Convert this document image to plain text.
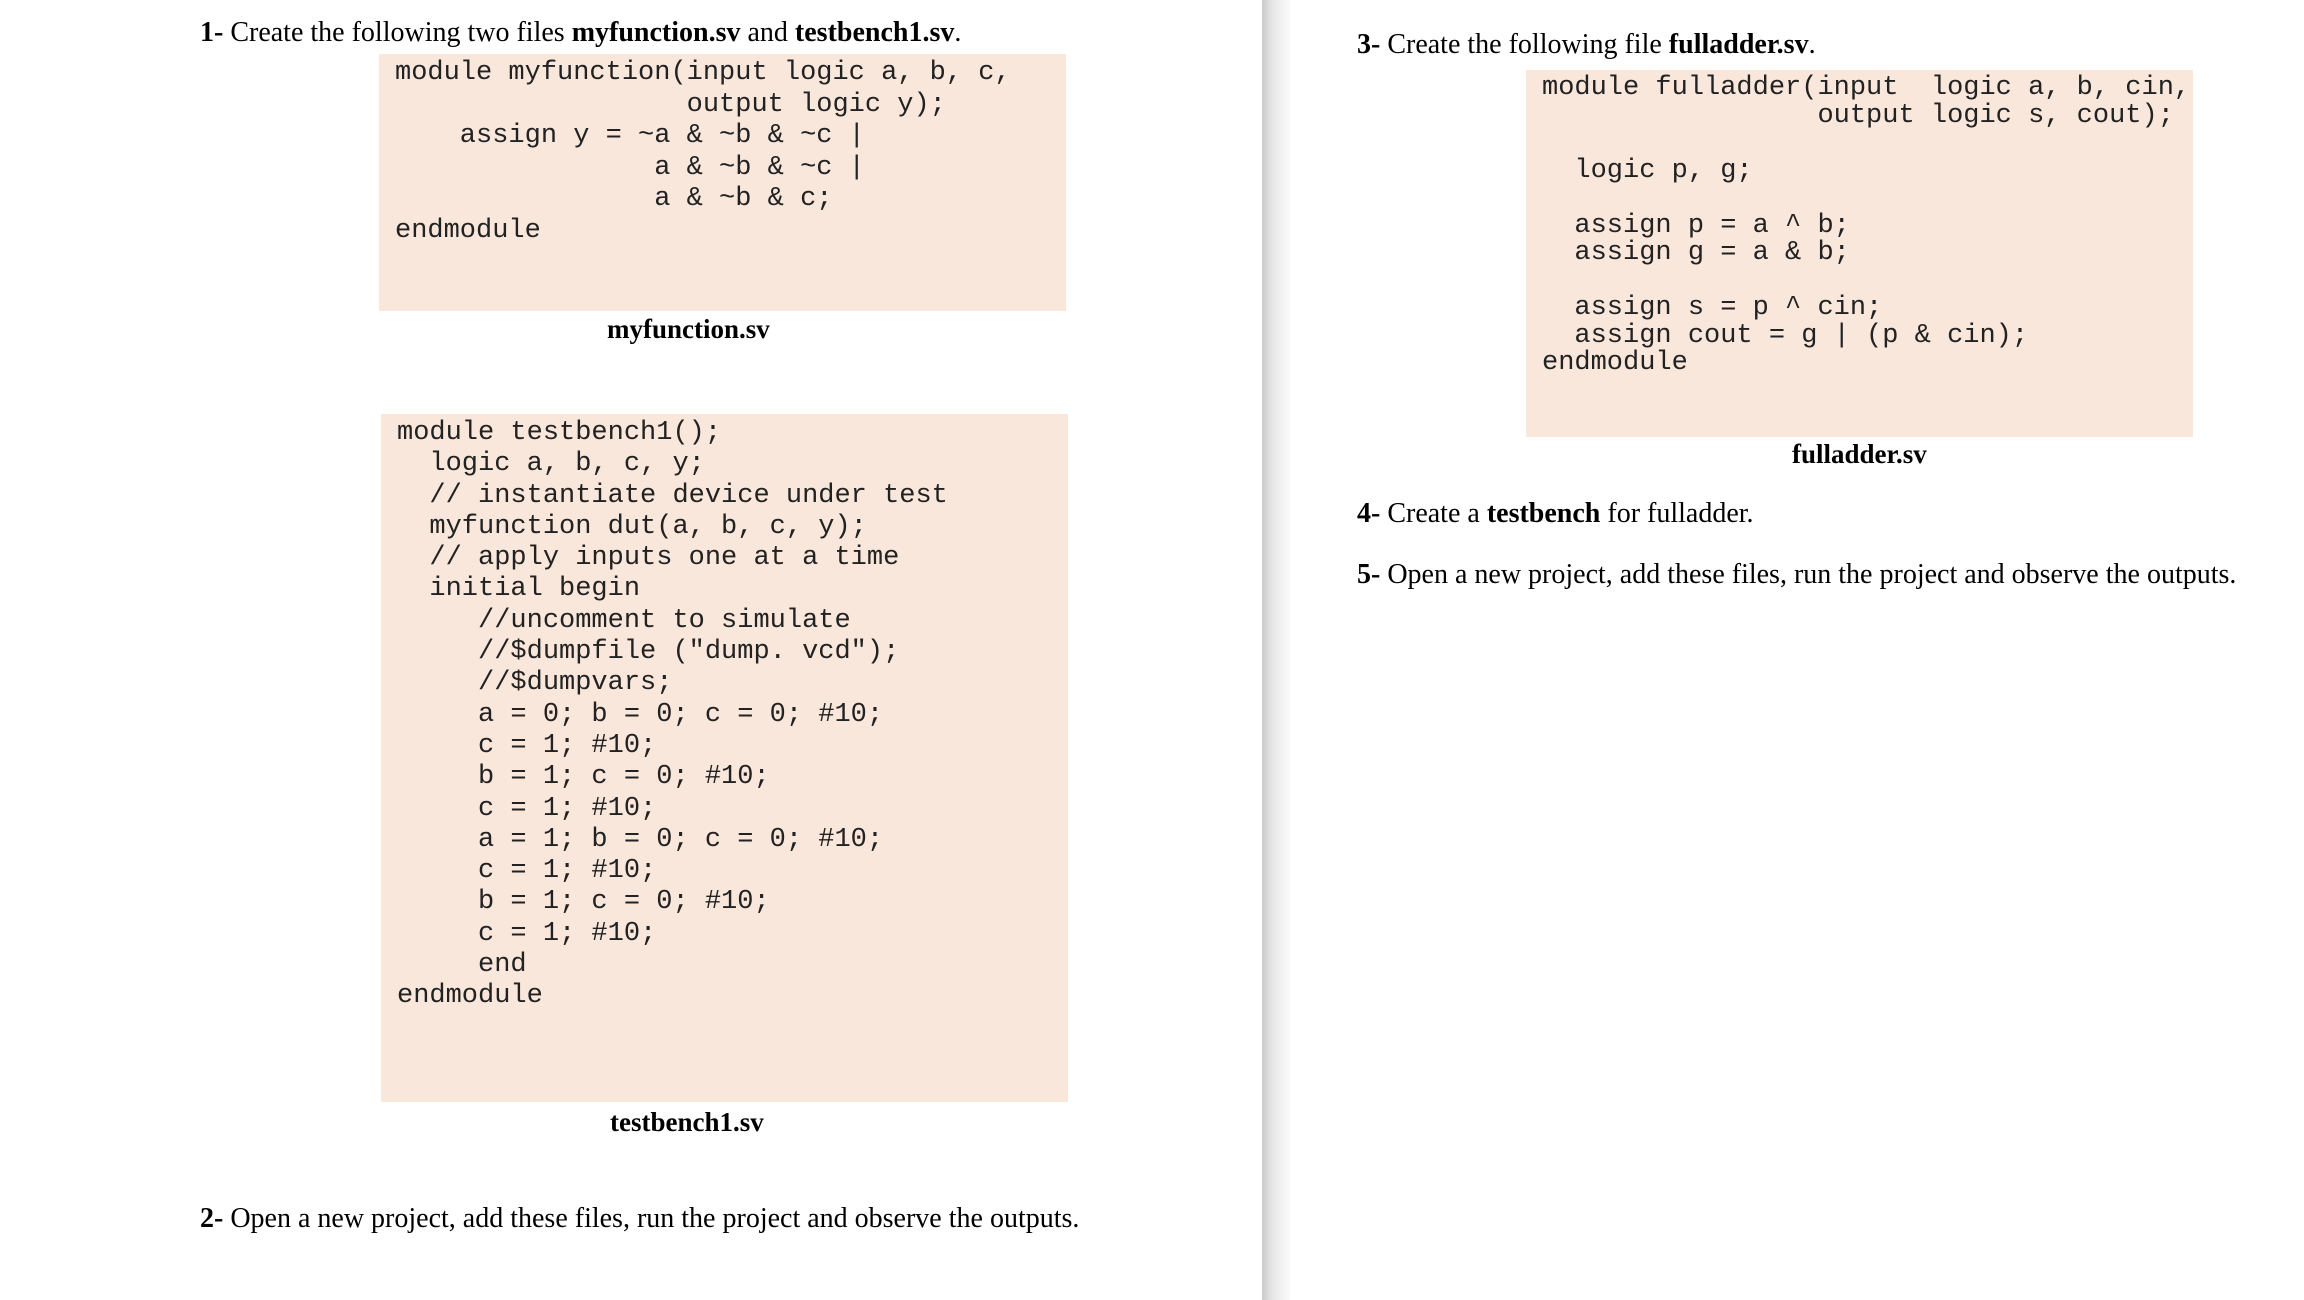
1- Create the following two files myfunction.sv and testbench1.sv.
module myfunction(input logic a, b, c,
output logic y);
assign y = ~a & ~b & ~c |
a & ~b & ~c |
a & ~b & c;
endmodule
myfunction.sv
module testbench1();
logic a, b, c, y;
// instantiate device under test
myfunction dut(a, b, c, y);
// apply inputs one at a time
initial begin
//uncomment to simulate
//$dumpfile ("dump. vcd");
//$dumpvars;
a = 0; b = 0; c = 0; #10;
c = 1; #10;
b = 1; c = 0; #10;
c = 1; #10;
a = 1; b = 0; c = 0; #10;
c = 1; #10;
b = 1; c = 0; #10;
c = 1; #10;
end
endmodule
testbench1.sv
2- Open a new project, add these files, run the project and observe the outputs.
3- Create the following file fulladder.sv.
module fulladder(input  logic a, b, cin,
output logic s, cout);

logic p, g;

assign p = a ^ b;
assign g = a & b;

assign s = p ^ cin;
assign cout = g | (p & cin);
endmodule
fulladder.sv
4- Create a testbench for fulladder.
5- Open a new project, add these files, run the project and observe the outputs.
